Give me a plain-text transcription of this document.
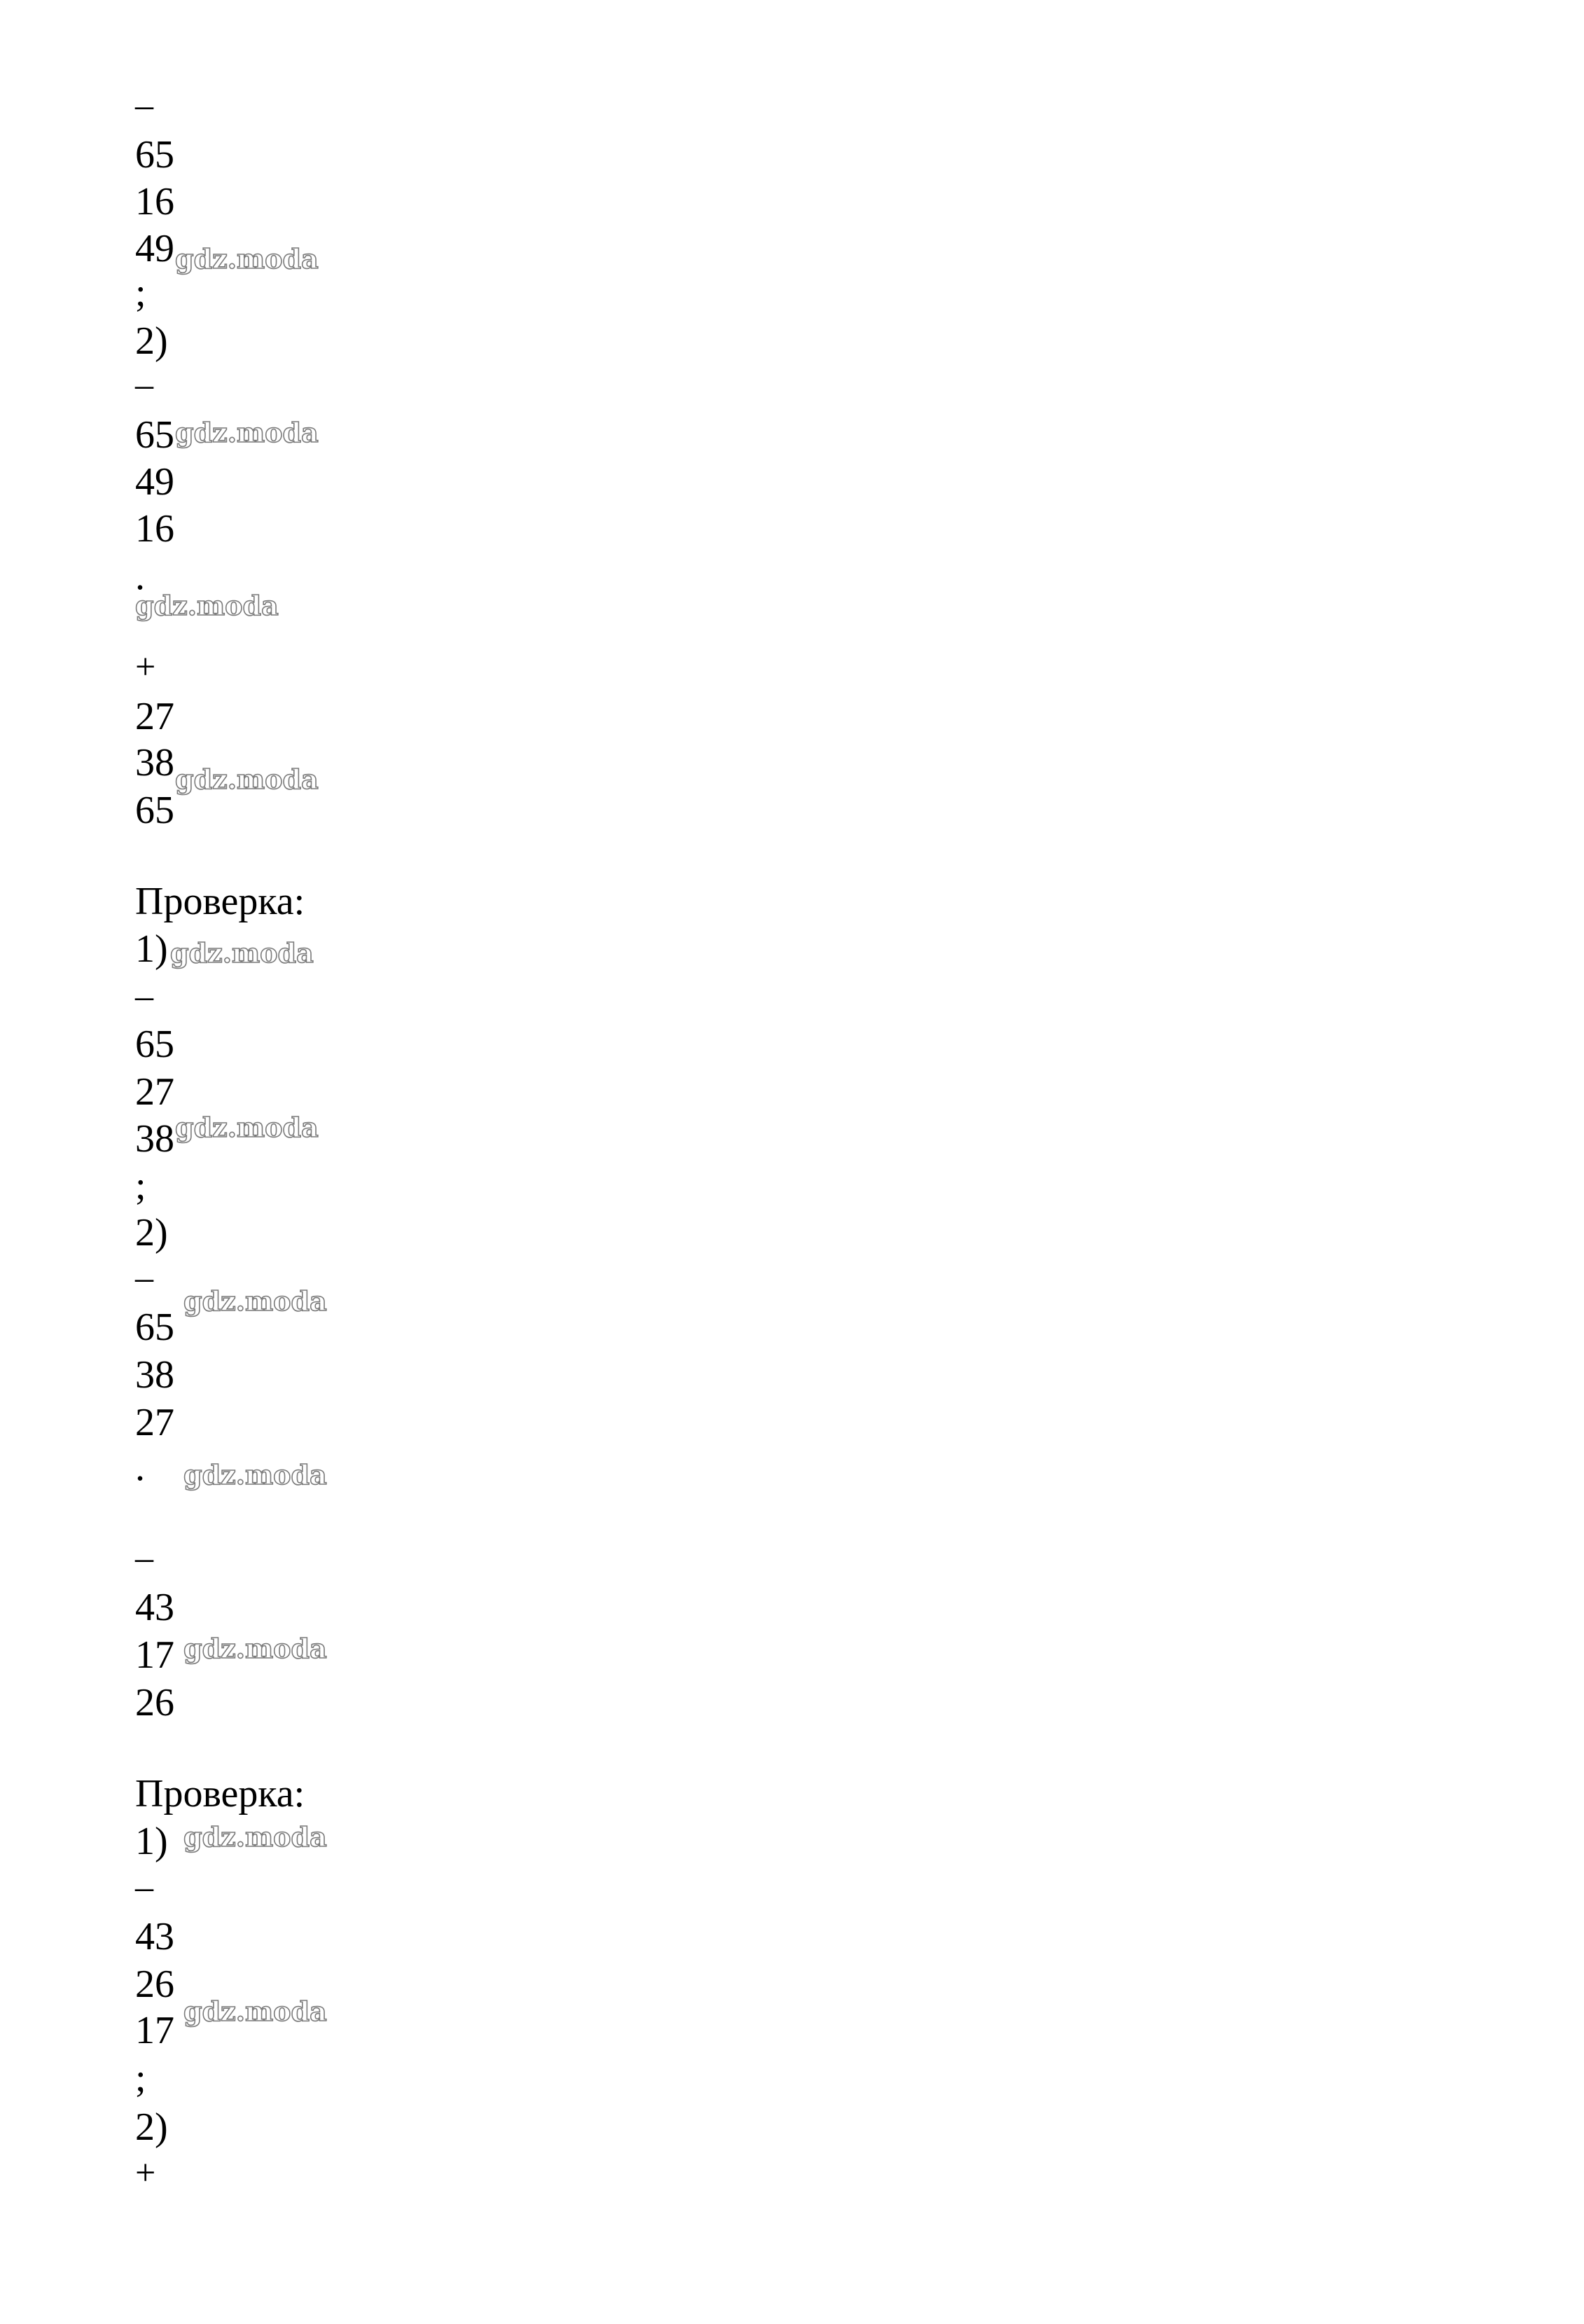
–
65
16
49
;
2)
–
65
49
16
.
+
27
38
65
Проверка:
1)
–
65
27
38
;
2)
–
65
38
27
.
–
43
17
26
Проверка:
1)
–
43
26
17
;
2)
+
gdz.moda
gdz.moda
gdz.moda
gdz.moda
gdz.moda
gdz.moda
gdz.moda
gdz.moda
gdz.moda
gdz.moda
gdz.moda
